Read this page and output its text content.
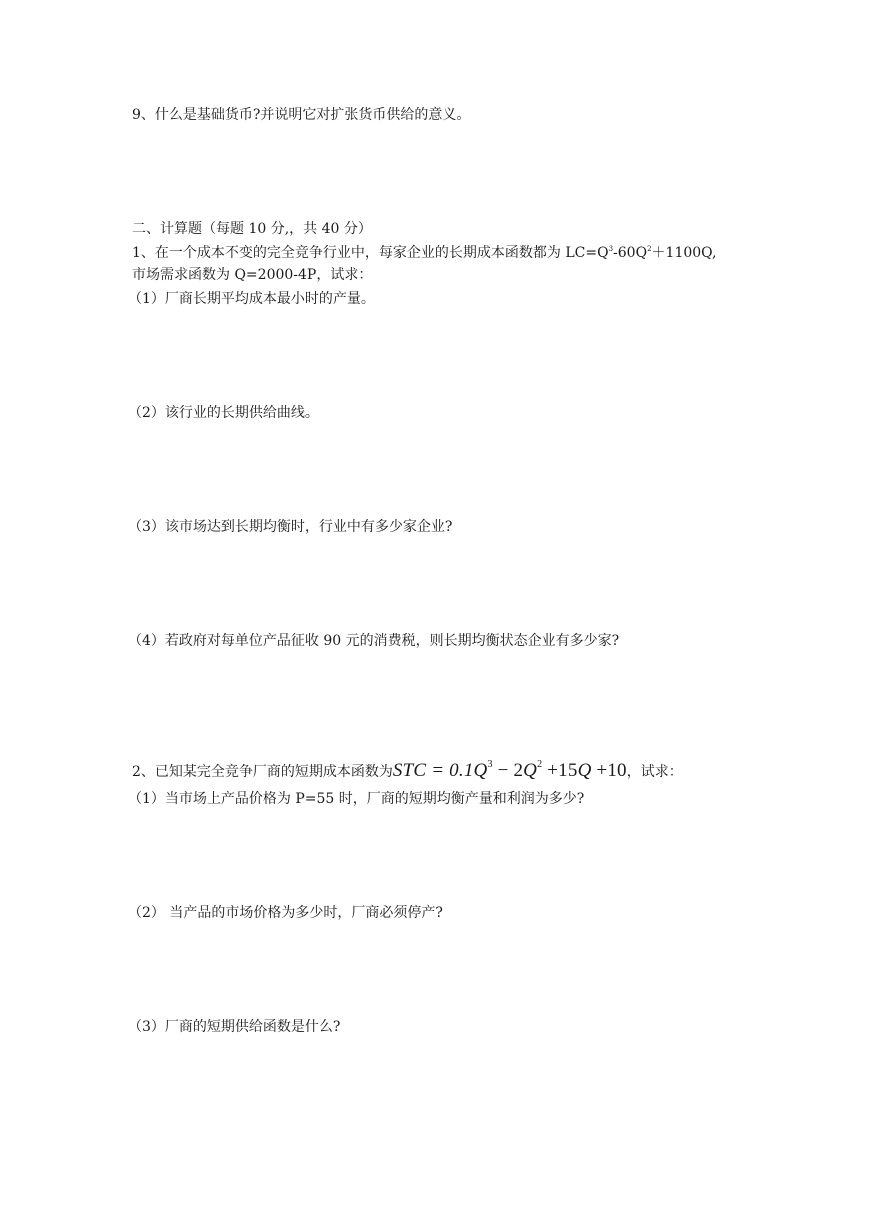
9、什么是基础货币?并说明它对扩张货币供给的意义。
二、计算题（每题 10 分,，共 40 分）
1、在一个成本不变的完全竞争行业中，每家企业的长期成本函数都为 $LC=Q^3-60Q^2+1100Q$,
市场需求函数为 Q=2000-4P，试求：
（1）厂商长期平均成本最小时的产量。
（2）该行业的长期供给曲线。
（3）该市场达到长期均衡时，行业中有多少家企业?
（4）若政府对每单位产品征收 90 元的消费税，则长期均衡状态企业有多少家?
2、已知某完全竞争厂商的短期成本函数为STC = $0.1Q^3 - 2Q^2 +15Q +10$，试求：
（1）当市场上产品价格为 P=55 时，厂商的短期均衡产量和利润为多少?
（2） 当产品的市场价格为多少时，厂商必须停产?
（3）厂商的短期供给函数是什么?
